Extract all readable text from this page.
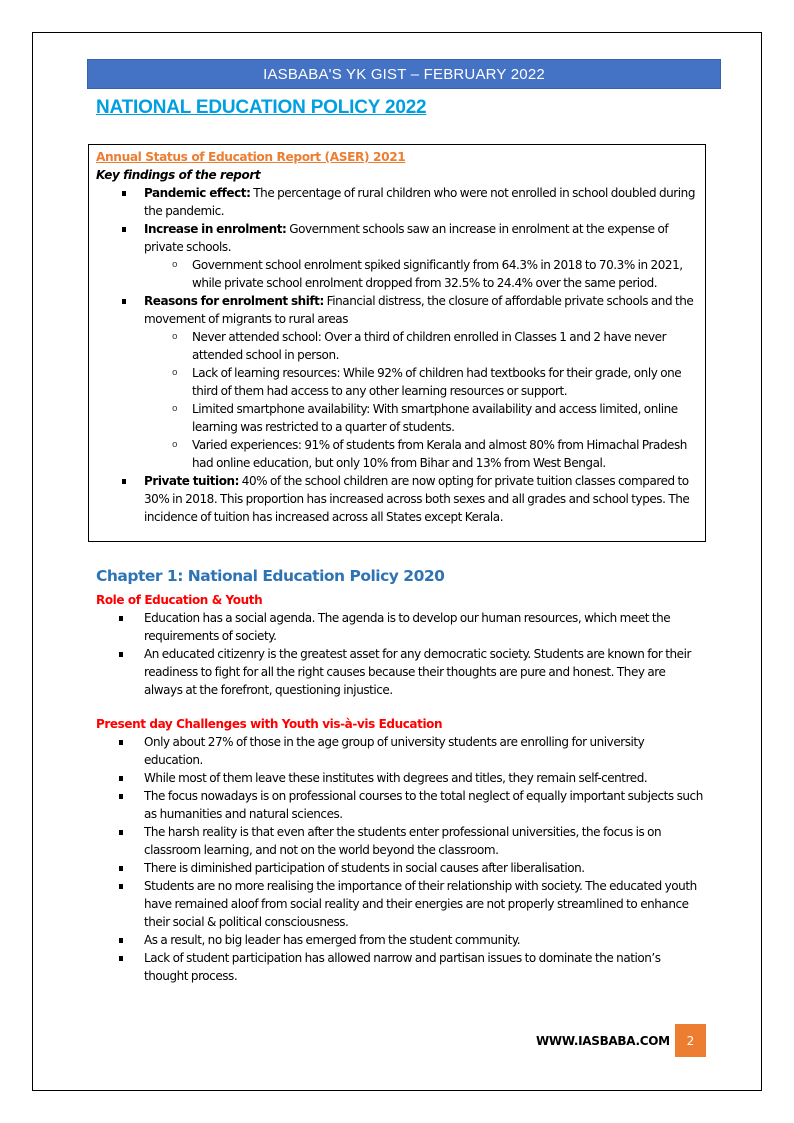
IASBABA'S YK GIST – FEBRUARY 2022
NATIONAL EDUCATION POLICY 2022
Annual Status of Education Report (ASER) 2021
Key findings of the report
Pandemic effect: The percentage of rural children who were not enrolled in school doubled during the pandemic.
Increase in enrolment: Government schools saw an increase in enrolment at the expense of private schools.
o Government school enrolment spiked significantly from 64.3% in 2018 to 70.3% in 2021, while private school enrolment dropped from 32.5% to 24.4% over the same period.
Reasons for enrolment shift: Financial distress, the closure of affordable private schools and the movement of migrants to rural areas
o Never attended school: Over a third of children enrolled in Classes 1 and 2 have never attended school in person.
o Lack of learning resources: While 92% of children had textbooks for their grade, only one third of them had access to any other learning resources or support.
o Limited smartphone availability: With smartphone availability and access limited, online learning was restricted to a quarter of students.
o Varied experiences: 91% of students from Kerala and almost 80% from Himachal Pradesh had online education, but only 10% from Bihar and 13% from West Bengal.
Private tuition: 40% of the school children are now opting for private tuition classes compared to 30% in 2018. This proportion has increased across both sexes and all grades and school types. The incidence of tuition has increased across all States except Kerala.
Chapter 1: National Education Policy 2020
Role of Education & Youth
Education has a social agenda. The agenda is to develop our human resources, which meet the requirements of society.
An educated citizenry is the greatest asset for any democratic society. Students are known for their readiness to fight for all the right causes because their thoughts are pure and honest. They are always at the forefront, questioning injustice.
Present day Challenges with Youth vis-à-vis Education
Only about 27% of those in the age group of university students are enrolling for university education.
While most of them leave these institutes with degrees and titles, they remain self-centred.
The focus nowadays is on professional courses to the total neglect of equally important subjects such as humanities and natural sciences.
The harsh reality is that even after the students enter professional universities, the focus is on classroom learning, and not on the world beyond the classroom.
There is diminished participation of students in social causes after liberalisation.
Students are no more realising the importance of their relationship with society. The educated youth have remained aloof from social reality and their energies are not properly streamlined to enhance their social & political consciousness.
As a result, no big leader has emerged from the student community.
Lack of student participation has allowed narrow and partisan issues to dominate the nation’s thought process.
WWW.IASBABA.COM	2
